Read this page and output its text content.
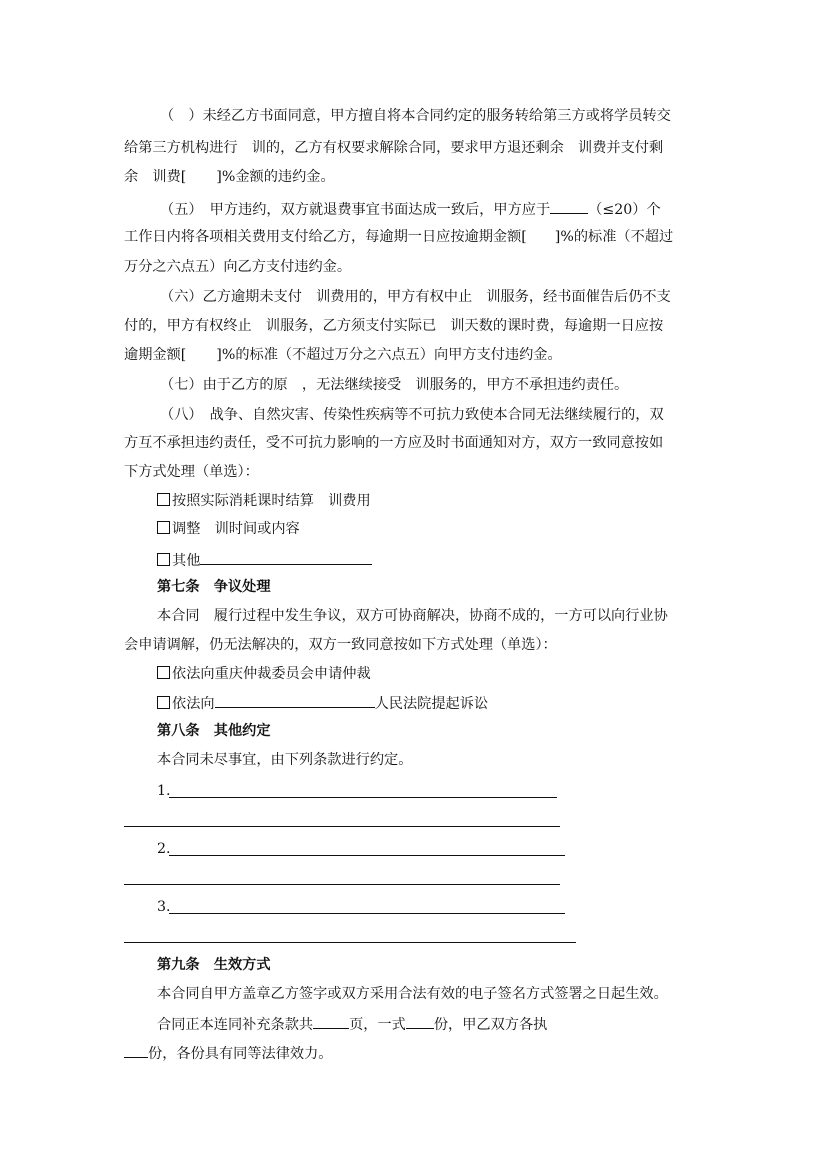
（　）未经乙方书面同意，甲方擅自将本合同约定的服务转给第三方或将学员转交
给第三方机构进行　训的，乙方有权要求解除合同，要求甲方退还剩余　训费并支付剩
余　训费[ ]%金额的违约金。
（五）　甲方违约，双方就退费事宜书面达成一致后，甲方应于	（≤20）个
工作日内将各项相关费用支付给乙方，每逾期一日应按逾期金额[ ]%的标准（不超过
万分之六点五）向乙方支付违约金。
（六）乙方逾期未支付　训费用的，甲方有权中止　训服务，经书面催告后仍不支
付的，甲方有权终止　训服务，乙方须支付实际已　训天数的课时费，每逾期一日应按
逾期金额[ ]%的标准（不超过万分之六点五）向甲方支付违约金。
（七）由于乙方的原　，无法继续接受　训服务的，甲方不承担违约责任。
（八）　战争、自然灾害、传染性疾病等不可抗力致使本合同无法继续履行的，双
方互不承担违约责任，受不可抗力影响的一方应及时书面通知对方，双方一致同意按如
下方式处理（单选）：
按照实际消耗课时结算　训费用
调整　训时间或内容
其他
第七条　争议处理
本合同　履行过程中发生争议，双方可协商解决，协商不成的，一方可以向行业协
会申请调解，仍无法解决的，双方一致同意按如下方式处理（单选）：
依法向重庆仲裁委员会申请仲裁
依法向	人民法院提起诉讼
第八条　其他约定
本合同未尽事宜，由下列条款进行约定。
1.
2.
3.
第九条　生效方式
本合同自甲方盖章乙方签字或双方采用合法有效的电子签名方式签署之日起生效。
合同正本连同补充条款共	页，一式 份，甲乙双方各执
份，各份具有同等法律效力。
